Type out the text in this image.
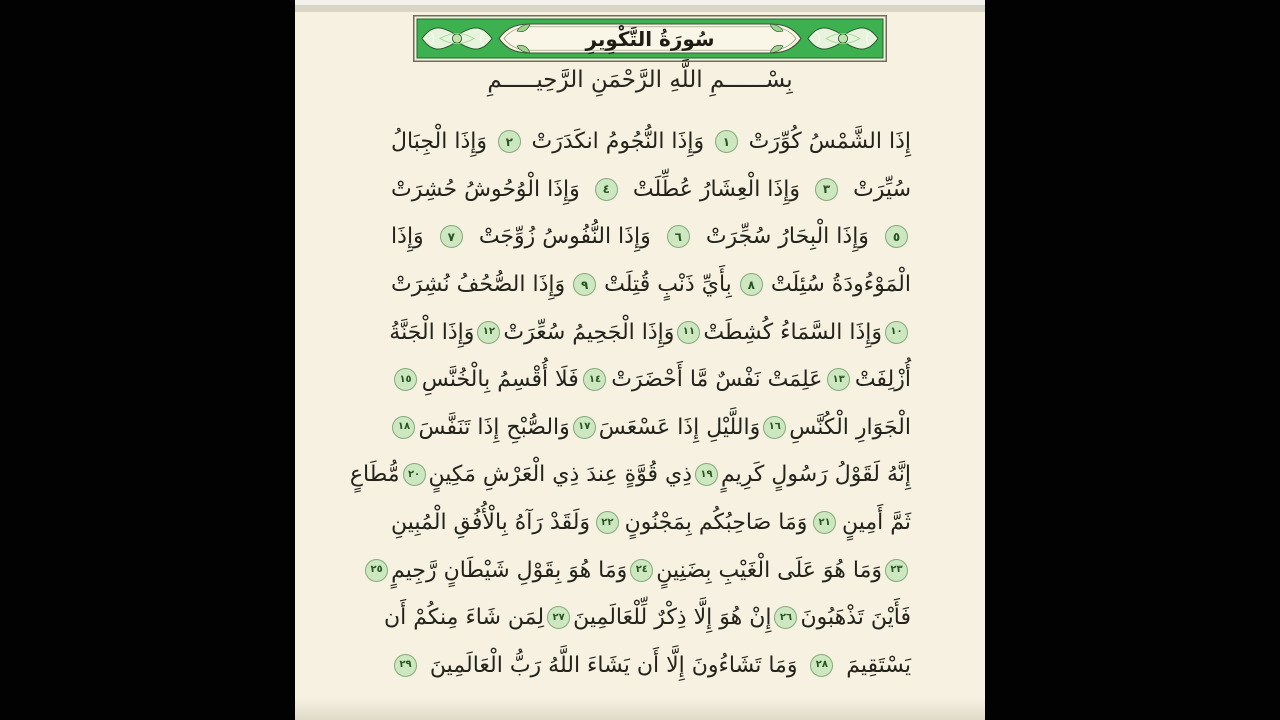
سُورَةُ التَّكْوِيرِ
بِسْــــــمِ اللَّهِ الرَّحْمَنِ الرَّحِيـــــمِ
إِذَا الشَّمْسُ كُوِّرَتْ
١
وَإِذَا النُّجُومُ انكَدَرَتْ
٢
وَإِذَا الْجِبَالُ
سُيِّرَتْ
٣
وَإِذَا الْعِشَارُ عُطِّلَتْ
٤
وَإِذَا الْوُحُوشُ حُشِرَتْ
٥
وَإِذَا الْبِحَارُ سُجِّرَتْ
٦
وَإِذَا النُّفُوسُ زُوِّجَتْ
٧
وَإِذَا
الْمَوْءُودَةُ سُئِلَتْ
٨
بِأَيِّ ذَنْبٍ قُتِلَتْ
٩
وَإِذَا الصُّحُفُ نُشِرَتْ
١٠
وَإِذَا السَّمَاءُ كُشِطَتْ
١١
وَإِذَا الْجَحِيمُ سُعِّرَتْ
١٢
وَإِذَا الْجَنَّةُ
أُزْلِفَتْ
١٣
عَلِمَتْ نَفْسٌ مَّا أَحْضَرَتْ
١٤
فَلَا أُقْسِمُ بِالْخُنَّسِ
١٥
الْجَوَارِ الْكُنَّسِ
١٦
وَاللَّيْلِ إِذَا عَسْعَسَ
١٧
وَالصُّبْحِ إِذَا تَنَفَّسَ
١٨
إِنَّهُ لَقَوْلُ رَسُولٍ كَرِيمٍ
١٩
ذِي قُوَّةٍ عِندَ ذِي الْعَرْشِ مَكِينٍ
٢٠
مُّطَاعٍ
ثَمَّ أَمِينٍ
٢١
وَمَا صَاحِبُكُم بِمَجْنُونٍ
٢٢
وَلَقَدْ رَآهُ بِالْأُفُقِ الْمُبِينِ
٢٣
وَمَا هُوَ عَلَى الْغَيْبِ بِضَنِينٍ
٢٤
وَمَا هُوَ بِقَوْلِ شَيْطَانٍ رَّجِيمٍ
٢٥
فَأَيْنَ تَذْهَبُونَ
٢٦
إِنْ هُوَ إِلَّا ذِكْرٌ لِّلْعَالَمِينَ
٢٧
لِمَن شَاءَ مِنكُمْ أَن
يَسْتَقِيمَ
٢٨
وَمَا تَشَاءُونَ إِلَّا أَن يَشَاءَ اللَّهُ رَبُّ الْعَالَمِينَ
٢٩
